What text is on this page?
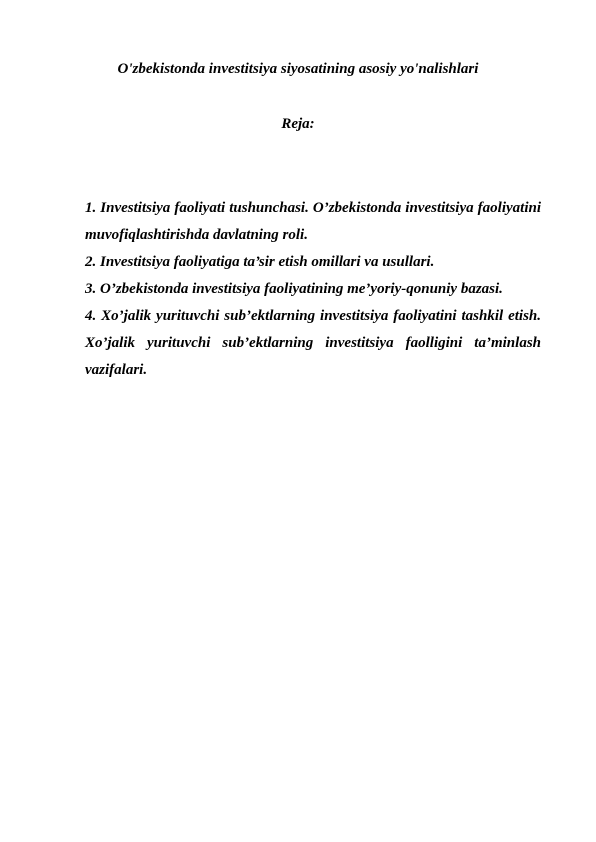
O'zbekistonda investitsiya siyosatining asosiy yo'nalishlari
Reja:
1. Investitsiya faoliyati tushunchasi. O’zbekistonda investitsiya faoliyatini muvofiqlashtirishda davlatning roli.
2. Investitsiya faoliyatiga ta’sir etish omillari va usullari.
3. O’zbekistonda investitsiya faoliyatining me’yoriy-qonuniy bazasi.
4. Xo’jalik yurituvchi sub’ektlarning investitsiya faoliyatini tashkil etish. Xo’jalik yurituvchi sub’ektlarning investitsiya faolligini ta’minlash vazifalari.
